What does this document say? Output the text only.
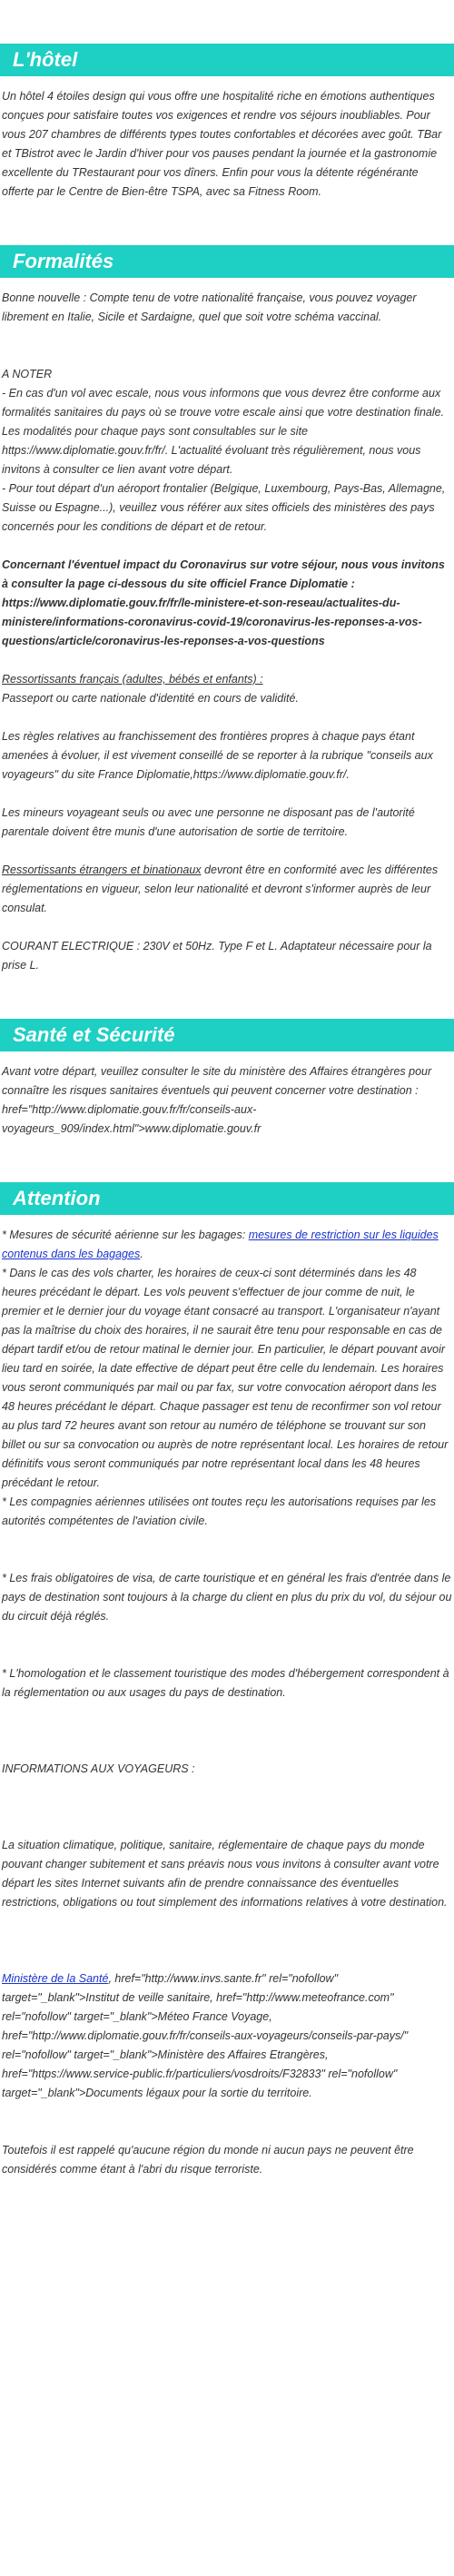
L'hôtel

Un hôtel 4 étoiles design qui vous offre une hospitalité riche en émotions authentiques conçues pour satisfaire toutes vos exigences et rendre vos séjours inoubliables. Pour vous 207 chambres de différents types toutes confortables et décorées avec goût. TBar et TBistrot avec le Jardin d'hiver pour vos pauses pendant la journée et la gastronomie excellente du TRestaurant pour vos dîners. Enfin pour vous la détente régénérante offerte par le Centre de Bien-être TSPA, avec sa Fitness Room.

Formalités

Bonne nouvelle : Compte tenu de votre nationalité française, vous pouvez voyager librement en Italie, Sicile et Sardaigne, quel que soit votre schéma vaccinal.

A NOTER

- En cas d'un vol avec escale, nous vous informons que vous devrez être conforme aux formalités sanitaires du pays où se trouve votre escale ainsi que votre destination finale.

Les modalités pour chaque pays sont consultables sur le site https://www.diplomatie.gouv.fr/fr/. L'actualité évoluant très régulièrement, nous vous invitons à consulter ce lien avant votre départ.

- Pour tout départ d'un aéroport frontalier (Belgique, Luxembourg, Pays-Bas, Allemagne, Suisse ou Espagne...), veuillez vous référer aux sites officiels des ministères des pays concernés pour les conditions de départ et de retour.

Concernant l'éventuel impact du Coronavirus sur votre séjour, nous vous invitons à consulter la page ci-dessous du site officiel France Diplomatie : https://www.diplomatie.gouv.fr/fr/le-ministere-et-son-reseau/actualites-du-ministere/informations-coronavirus-covid-19/coronavirus-les-reponses-a-vos-questions/article/coronavirus-les-reponses-a-vos-questions

Ressortissants français (adultes, bébés et enfants) :

Passeport ou carte nationale d'identité en cours de validité.

Les règles relatives au franchissement des frontières propres à chaque pays étant amenées à évoluer, il est vivement conseillé de se reporter à la rubrique "conseils aux voyageurs" du site France Diplomatie,https://www.diplomatie.gouv.fr/.

Les mineurs voyageant seuls ou avec une personne ne disposant pas de l'autorité parentale doivent être munis d'une autorisation de sortie de territoire.

Ressortissants étrangers et binationaux devront être en conformité avec les différentes réglementations en vigueur, selon leur nationalité et devront s'informer auprès de leur consulat.

COURANT ELECTRIQUE : 230V et 50Hz. Type F et L. Adaptateur nécessaire pour la prise L.

Santé et Sécurité

Avant votre départ, veuillez consulter le site du ministère des Affaires étrangères pour connaître les risques sanitaires éventuels qui peuvent concerner votre destination : href="http://www.diplomatie.gouv.fr/fr/conseils-aux-voyageurs_909/index.html">www.diplomatie.gouv.fr

Attention

* Mesures de sécurité aérienne sur les bagages: mesures de restriction sur les liquides contenus dans les bagages.

* Dans le cas des vols charter, les horaires de ceux-ci sont déterminés dans les 48 heures précédant le départ. Les vols peuvent s'effectuer de jour comme de nuit, le premier et le dernier jour du voyage étant consacré au transport. L'organisateur n'ayant pas la maîtrise du choix des horaires, il ne saurait être tenu pour responsable en cas de départ tardif et/ou de retour matinal le dernier jour. En particulier, le départ pouvant avoir lieu tard en soirée, la date effective de départ peut être celle du lendemain. Les horaires vous seront communiqués par mail ou par fax, sur votre convocation aéroport dans les 48 heures précédant le départ. Chaque passager est tenu de reconfirmer son vol retour au plus tard 72 heures avant son retour au numéro de téléphone se trouvant sur son billet ou sur sa convocation ou auprès de notre représentant local. Les horaires de retour définitifs vous seront communiqués par notre représentant local dans les 48 heures précédant le retour.

* Les compagnies aériennes utilisées ont toutes reçu les autorisations requises par les autorités compétentes de l'aviation civile.

* Les frais obligatoires de visa, de carte touristique et en général les frais d'entrée dans le pays de destination sont toujours à la charge du client en plus du prix du vol, du séjour ou du circuit déjà réglés.

* L'homologation et le classement touristique des modes d'hébergement correspondent à la réglementation ou aux usages du pays de destination.

INFORMATIONS AUX VOYAGEURS :

La situation climatique, politique, sanitaire, réglementaire de chaque pays du monde pouvant changer subitement et sans préavis nous vous invitons à consulter avant votre départ les sites Internet suivants afin de prendre connaissance des éventuelles restrictions, obligations ou tout simplement des informations relatives à votre destination.

Ministère de la Santé, href="http://www.invs.sante.fr" rel="nofollow" target="_blank">Institut de veille sanitaire, href="http://www.meteofrance.com" rel="nofollow" target="_blank">Méteo France Voyage, href="http://www.diplomatie.gouv.fr/fr/conseils-aux-voyageurs/conseils-par-pays/" rel="nofollow" target="_blank">Ministère des Affaires Etrangères, href="https://www.service-public.fr/particuliers/vosdroits/F32833" rel="nofollow" target="_blank">Documents légaux pour la sortie du territoire.

Toutefois il est rappelé qu'aucune région du monde ni aucun pays ne peuvent être considérés comme étant à l'abri du risque terroriste.
